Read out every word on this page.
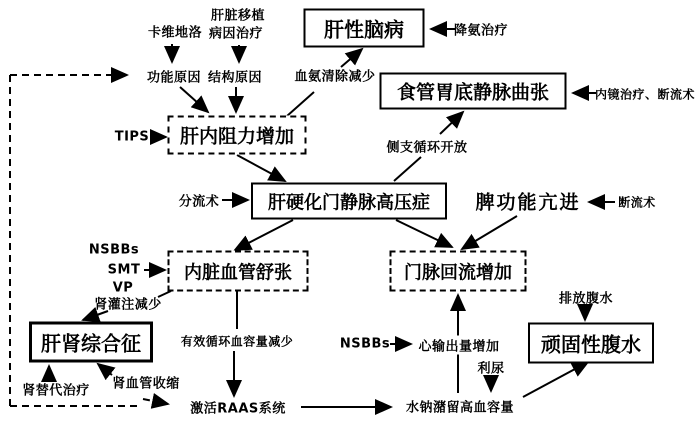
肝性脑病
食管胃底静脉曲张
肝硬化门静脉高压症
肝肾综合征	顽固性腹水
肝内阻力增加
内脏血管舒张	门脉回流增加
脾功能亢进
卡维地洛
肝脏移植
病因治疗
功能原因 结构原因 血氨清除减少
降氨治疗
内镜治疗、断流术
TIPS
侧支循环开放
分流术	断流术
NSBBs
SMT
VP
肾灌注减少
肾替代治疗 肾血管收缩
有效循环血容量减少
激活RAAS系统
NSBBs 心输出量增加
利尿
水钠潴留高血容量
排放腹水
